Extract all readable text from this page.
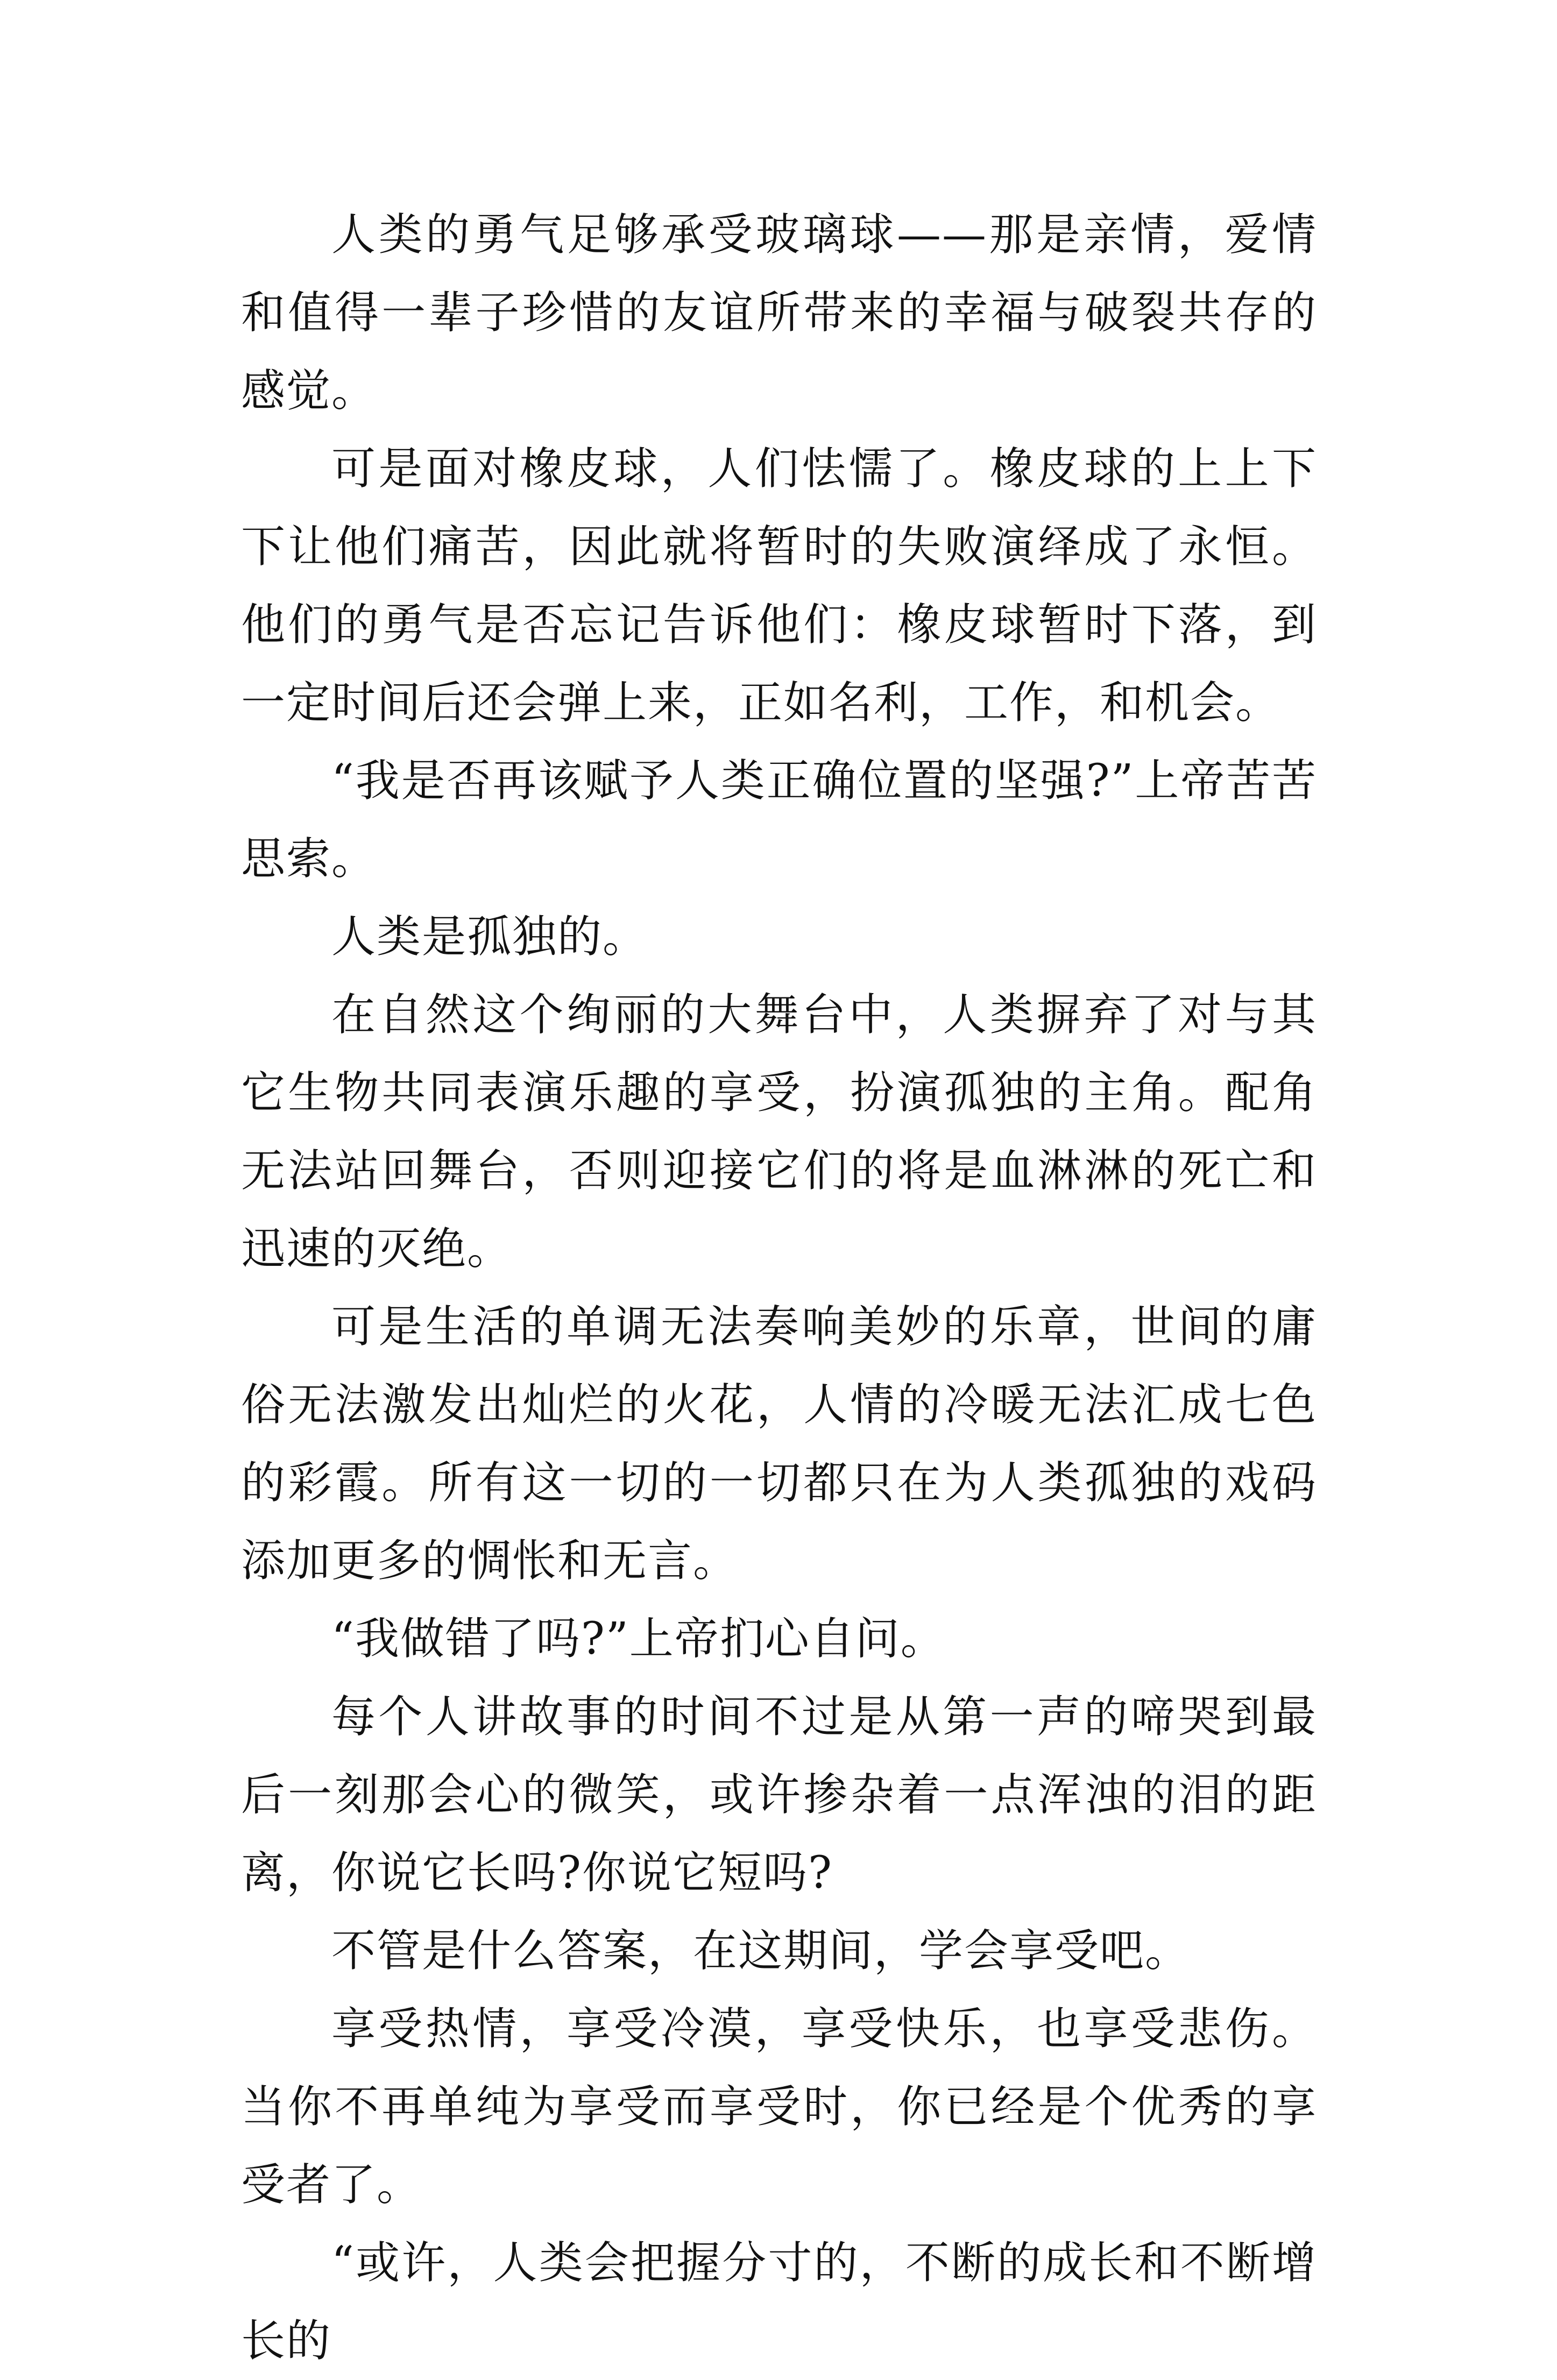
人类的勇气足够承受玻璃球——那是亲情，爱情和值得一辈子珍惜的友谊所带来的幸福与破裂共存的感觉。

可是面对橡皮球，人们怯懦了。橡皮球的上上下下让他们痛苦，因此就将暂时的失败演绎成了永恒。他们的勇气是否忘记告诉他们：橡皮球暂时下落，到一定时间后还会弹上来，正如名利，工作，和机会。

“我是否再该赋予人类正确位置的坚强?”上帝苦苦思索。

人类是孤独的。

在自然这个绚丽的大舞台中，人类摒弃了对与其它生物共同表演乐趣的享受，扮演孤独的主角。配角无法站回舞台，否则迎接它们的将是血淋淋的死亡和迅速的灭绝。

可是生活的单调无法奏响美妙的乐章，世间的庸俗无法激发出灿烂的火花，人情的冷暖无法汇成七色的彩霞。所有这一切的一切都只在为人类孤独的戏码添加更多的惆怅和无言。

“我做错了吗?”上帝扪心自问。

每个人讲故事的时间不过是从第一声的啼哭到最后一刻那会心的微笑，或许掺杂着一点浑浊的泪的距离，你说它长吗?你说它短吗?

不管是什么答案，在这期间，学会享受吧。

享受热情，享受冷漠，享受快乐，也享受悲伤。当你不再单纯为享受而享受时，你已经是个优秀的享受者了。

“或许，人类会把握分寸的，不断的成长和不断增长的
